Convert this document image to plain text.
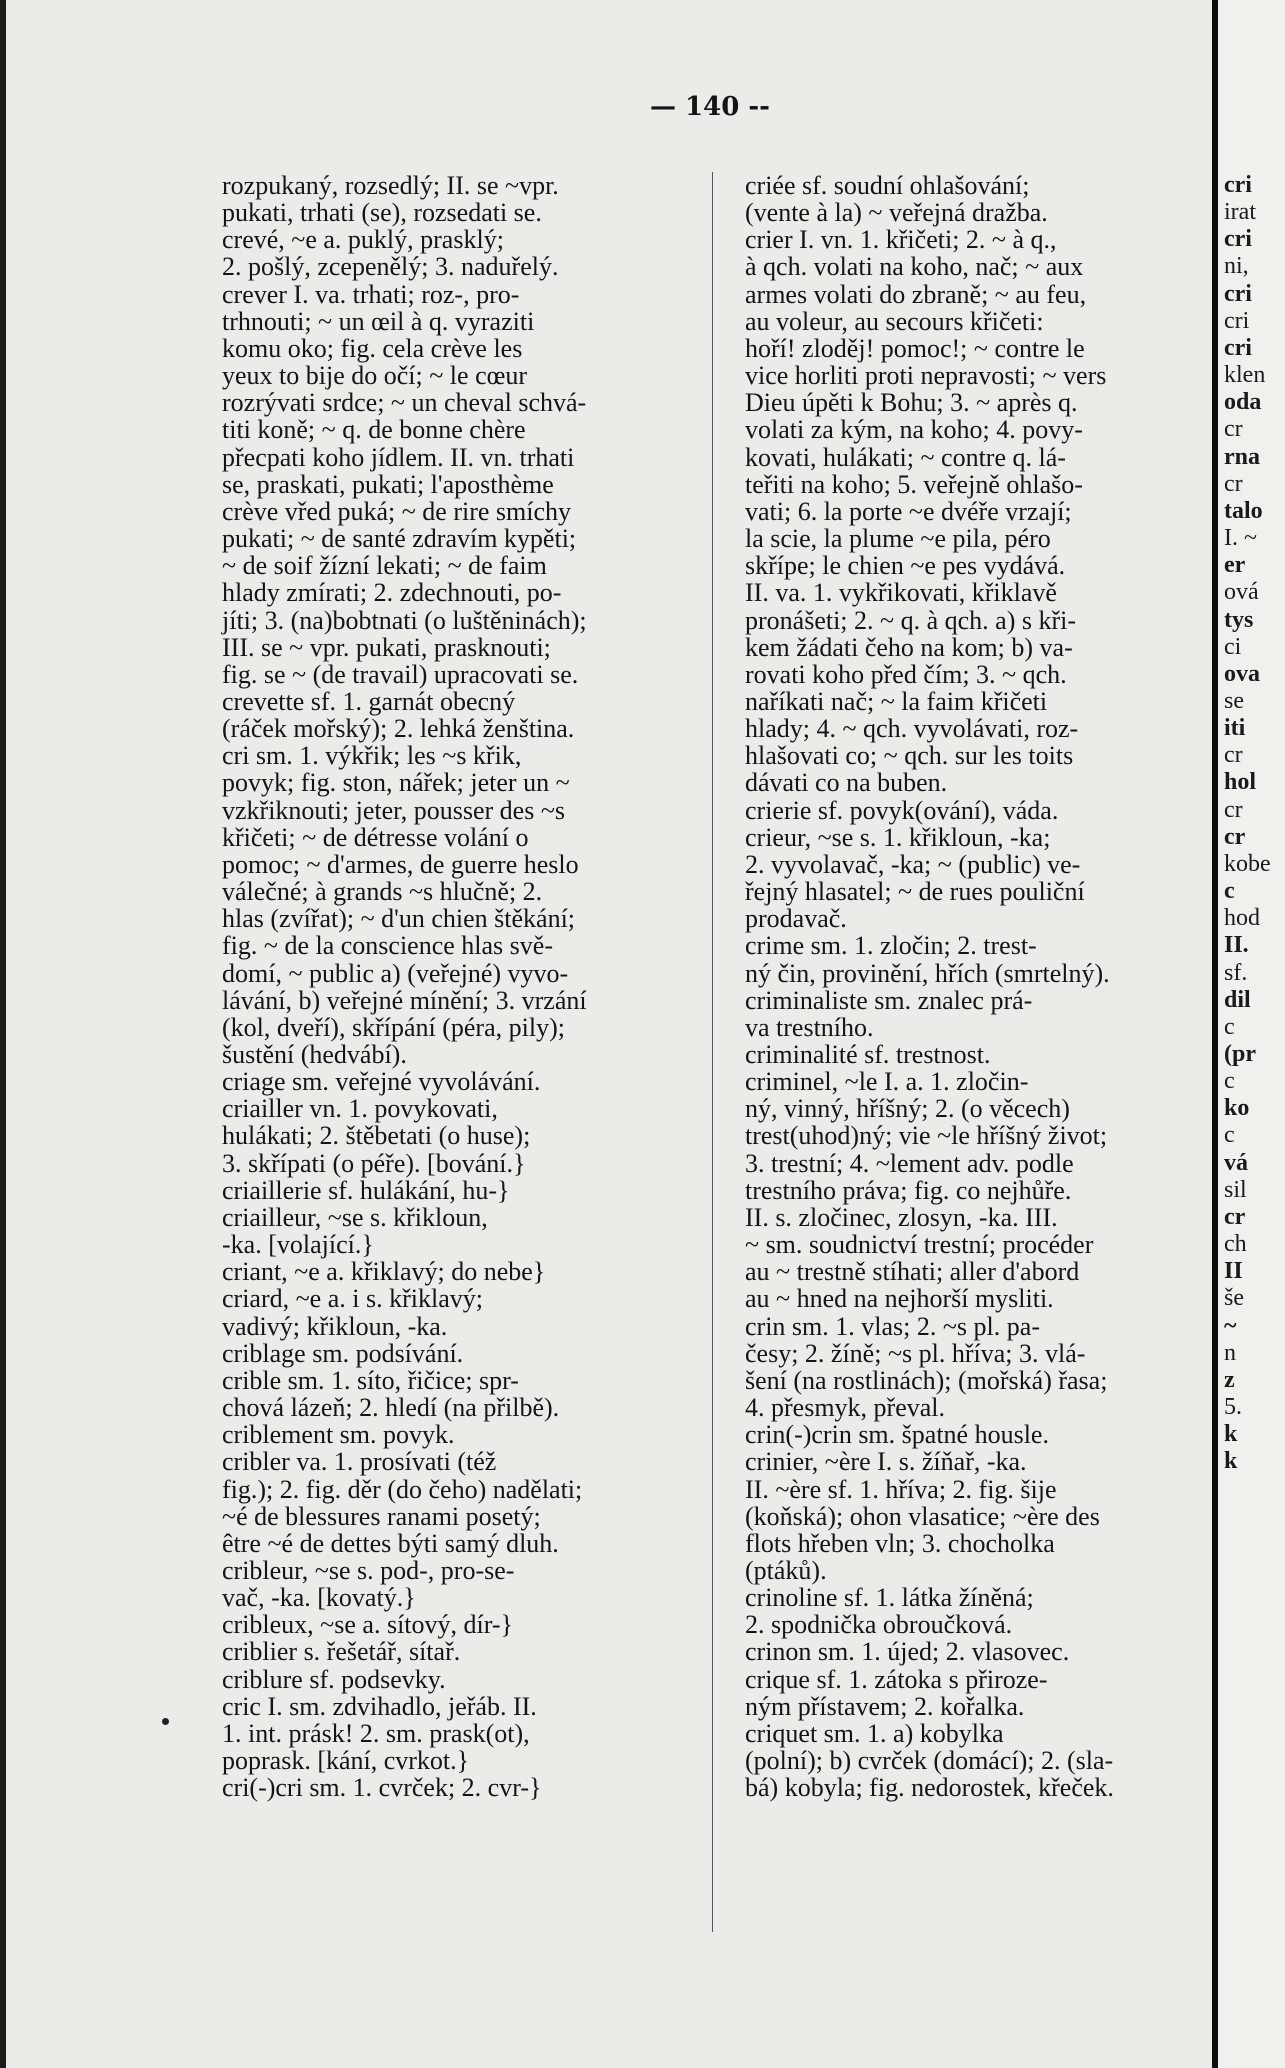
— 140 --
rozpukaný, rozsedlý; II. se ~vpr.
pukati, trhati (se), rozsedati se.
crevé, ~e a. puklý, prasklý;
2. pošlý, zcepenělý; 3. naduřelý.
crever I. va. trhati; roz-, pro-
trhnouti; ~ un œil à q. vyraziti
komu oko; fig. cela crève les
yeux to bije do očí; ~ le cœur
rozrývati srdce; ~ un cheval schvá-
titi koně; ~ q. de bonne chère
přecpati koho jídlem. II. vn. trhati
se, praskati, pukati; l'aposthème
crève vřed puká; ~ de rire smíchy
pukati; ~ de santé zdravím kypěti;
~ de soif žízní lekati; ~ de faim
hlady zmírati; 2. zdechnouti, po-
jíti; 3. (na)bobtnati (o luštěninách);
III. se ~ vpr. pukati, prasknouti;
fig. se ~ (de travail) upracovati se.
crevette sf. 1. garnát obecný
(ráček mořský); 2. lehká ženština.
cri sm. 1. výkřik; les ~s křik,
povyk; fig. ston, nářek; jeter un ~
vzkřiknouti; jeter, pousser des ~s
křičeti; ~ de détresse volání o
pomoc; ~ d'armes, de guerre heslo
válečné; à grands ~s hlučně; 2.
hlas (zvířat); ~ d'un chien štěkání;
fig. ~ de la conscience hlas svě-
domí, ~ public a) (veřejné) vyvo-
lávání, b) veřejné mínění; 3. vrzání
(kol, dveří), skřípání (péra, pily);
šustění (hedvábí).
criage sm. veřejné vyvolávání.
criailler vn. 1. povykovati,
hulákati; 2. štěbetati (o huse);
3. skřípati (o péře). [bování.}
criaillerie sf. hulákání, hu-}
criailleur, ~se s. křikloun,
-ka. [volající.}
criant, ~e a. křiklavý; do nebe}
criard, ~e a. i s. křiklavý;
vadivý; křikloun, -ka.
criblage sm. podsívání.
crible sm. 1. síto, řičice; spr-
chová lázeň; 2. hledí (na přilbě).
criblement sm. povyk.
cribler va. 1. prosívati (též
fig.); 2. fig. děr (do čeho) nadělati;
~é de blessures ranami posetý;
être ~é de dettes býti samý dluh.
cribleur, ~se s. pod-, pro-se-
vač, -ka. [kovatý.}
cribleux, ~se a. sítový, dír-}
criblier s. řešetář, sítař.
criblure sf. podsevky.
cric I. sm. zdvihadlo, jeřáb. II.
1. int. prásk! 2. sm. prask(ot),
poprask. [kání, cvrkot.}
cri(-)cri sm. 1. cvrček; 2. cvr-}
criée sf. soudní ohlašování;
(vente à la) ~ veřejná dražba.
crier I. vn. 1. křičeti; 2. ~ à q.,
à qch. volati na koho, nač; ~ aux
armes volati do zbraně; ~ au feu,
au voleur, au secours křičeti:
hoří! zloděj! pomoc!; ~ contre le
vice horliti proti nepravosti; ~ vers
Dieu úpěti k Bohu; 3. ~ après q.
volati za kým, na koho; 4. povy-
kovati, hulákati; ~ contre q. lá-
teřiti na koho; 5. veřejně ohlašo-
vati; 6. la porte ~e dvéře vrzají;
la scie, la plume ~e pila, péro
skřípe; le chien ~e pes vydává.
II. va. 1. vykřikovati, křiklavě
pronášeti; 2. ~ q. à qch. a) s kři-
kem žádati čeho na kom; b) va-
rovati koho před čím; 3. ~ qch.
naříkati nač; ~ la faim křičeti
hlady; 4. ~ qch. vyvolávati, roz-
hlašovati co; ~ qch. sur les toits
dávati co na buben.
crierie sf. povyk(ování), váda.
crieur, ~se s. 1. křikloun, -ka;
2. vyvolavač, -ka; ~ (public) ve-
řejný hlasatel; ~ de rues pouliční
prodavač.
crime sm. 1. zločin; 2. trest-
ný čin, provinění, hřích (smrtelný).
criminaliste sm. znalec prá-
va trestního.
criminalité sf. trestnost.
criminel, ~le I. a. 1. zločin-
ný, vinný, hříšný; 2. (o věcech)
trest(uhod)ný; vie ~le hříšný život;
3. trestní; 4. ~lement adv. podle
trestního práva; fig. co nejhůře.
II. s. zločinec, zlosyn, -ka. III.
~ sm. soudnictví trestní; procéder
au ~ trestně stíhati; aller d'abord
au ~ hned na nejhorší mysliti.
crin sm. 1. vlas; 2. ~s pl. pa-
česy; 2. žíně; ~s pl. hříva; 3. vlá-
šení (na rostlinách); (mořská) řasa;
4. přesmyk, převal.
crin(-)crin sm. špatné housle.
crinier, ~ère I. s. žíňař, -ka.
II. ~ère sf. 1. hříva; 2. fig. šije
(koňská); ohon vlasatice; ~ère des
flots hřeben vln; 3. chocholka
(ptáků).
crinoline sf. 1. látka žíněná;
2. spodnička obroučková.
crinon sm. 1. újed; 2. vlasovec.
crique sf. 1. zátoka s přiroze-
ným přístavem; 2. kořalka.
criquet sm. 1. a) kobylka
(polní); b) cvrček (domácí); 2. (sla-
bá) kobyla; fig. nedorostek, křeček.
cri
irat
cri
ni,
cri
cri
cri
klen
oda
cr
rna
cr
talo
I. ~
er
ová
tys
ci
ova
se
iti
cr
hol
cr
cr
kobe
c
hod
II.
sf.
dil
c
(pr
c
ko
c
vá
sil
cr
ch
II
še
~
n
z
5.
k
k
